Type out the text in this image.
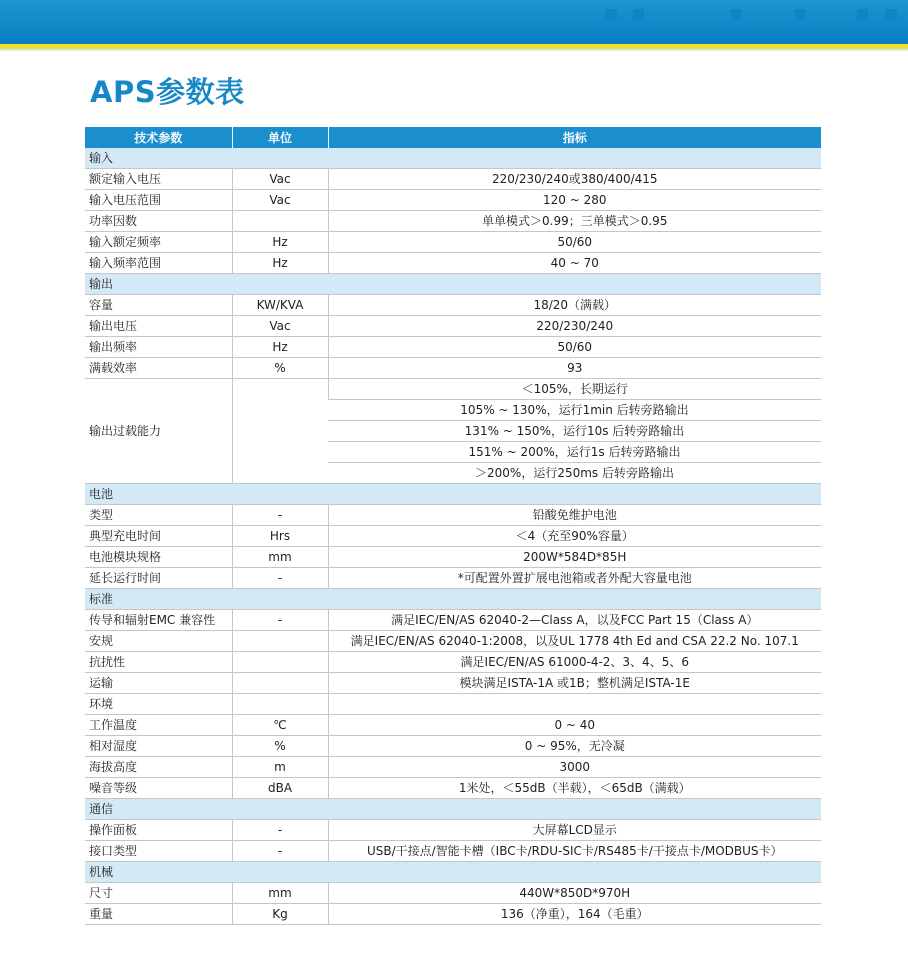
APS参数表
技术参数	单位	指标
输入		
额定输入电压	Vac	220/230/240或380/400/415
输入电压范围	Vac	120 ~ 280
功率因数		单单模式＞0.99；三单模式＞0.95
输入额定频率	Hz	50/60
输入频率范围	Hz	40 ~ 70
输出		
容量	KW/KVA	18/20（满载）
输出电压	Vac	220/230/240
输出频率	Hz	50/60
满载效率	%	93
输出过载能力		＜105%，长期运行
		105% ~ 130%，运行1min 后转旁路输出
		131% ~ 150%，运行10s 后转旁路输出
		151% ~ 200%，运行1s 后转旁路输出
		＞200%，运行250ms 后转旁路输出
电池		
类型	-	铅酸免维护电池
典型充电时间	Hrs	＜4（充至90%容量）
电池模块规格	mm	200W*584D*85H
延长运行时间	-	*可配置外置扩展电池箱或者外配大容量电池
标准		
传导和辐射EMC 兼容性	-	满足IEC/EN/AS 62040-2—Class A，以及FCC Part 15（Class A）
安规		满足IEC/EN/AS 62040-1:2008，以及UL 1778 4th Ed and CSA 22.2 No. 107.1
抗扰性		满足IEC/EN/AS 61000-4-2、3、4、5、6
运输		模块满足ISTA-1A 或1B；整机满足ISTA-1E
环境		
工作温度	℃	0 ~ 40
相对湿度	%	0 ~ 95%，无冷凝
海拔高度	m	3000
噪音等级	dBA	1米处，＜55dB（半载），＜65dB（满载）
通信		
操作面板	-	大屏幕LCD显示
接口类型	-	USB/干接点/智能卡槽（IBC卡/RDU-SIC卡/RS485卡/干接点卡/MODBUS卡）
机械		
尺寸	mm	440W*850D*970H
重量	Kg	136（净重），164（毛重）
